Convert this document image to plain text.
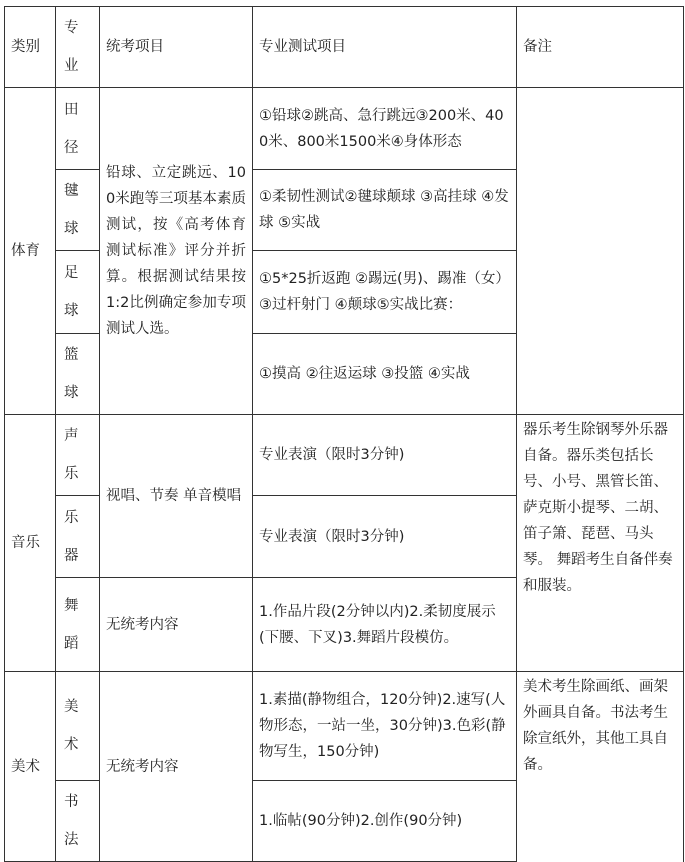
类别	专业	统考项目	专业测试项目	备注
体育	田径	铅球、立定跳远、100米跑等三项基本素质测试，按《高考体育测试标准》评分并折算。根据测试结果按1:2比例确定参加专项测试人选。	①铅球②跳高、急行跳远③200米、400米、800米1500米④身体形态	

	毽球		①柔韧性测试②毽球颠球 ③高挂球 ④发球 ⑤实战	

	足球		①5*25折返跑 ②踢远(男)、踢准（女）③过杆射门 ④颠球⑤实战比赛：	

	篮球		①摸高 ②往返运球 ③投篮 ④实战	
音乐	声乐	视唱、节奏 单音模唱	专业表演（限时3分钟)	器乐考生除钢琴外乐器自备。器乐类包括长号、小号、黑管长笛、萨克斯小提琴、二胡、笛子箫、琵琶、马头琴。 舞蹈考生自备伴奏和服装。

	乐器		专业表演（限时3分钟)	

	舞蹈	无统考内容	1.作品片段(2分钟以内)2.柔韧度展示(下腰、下叉)3.舞蹈片段模仿。	
美术	美术	无统考内容	1.素描(静物组合，120分钟)2.速写(人物形态，一站一坐，30分钟)3.色彩(静物写生，150分钟)	美术考生除画纸、画架外画具自备。书法考生除宣纸外，其他工具自备。

	书法		1.临帖(90分钟)2.创作(90分钟)	
